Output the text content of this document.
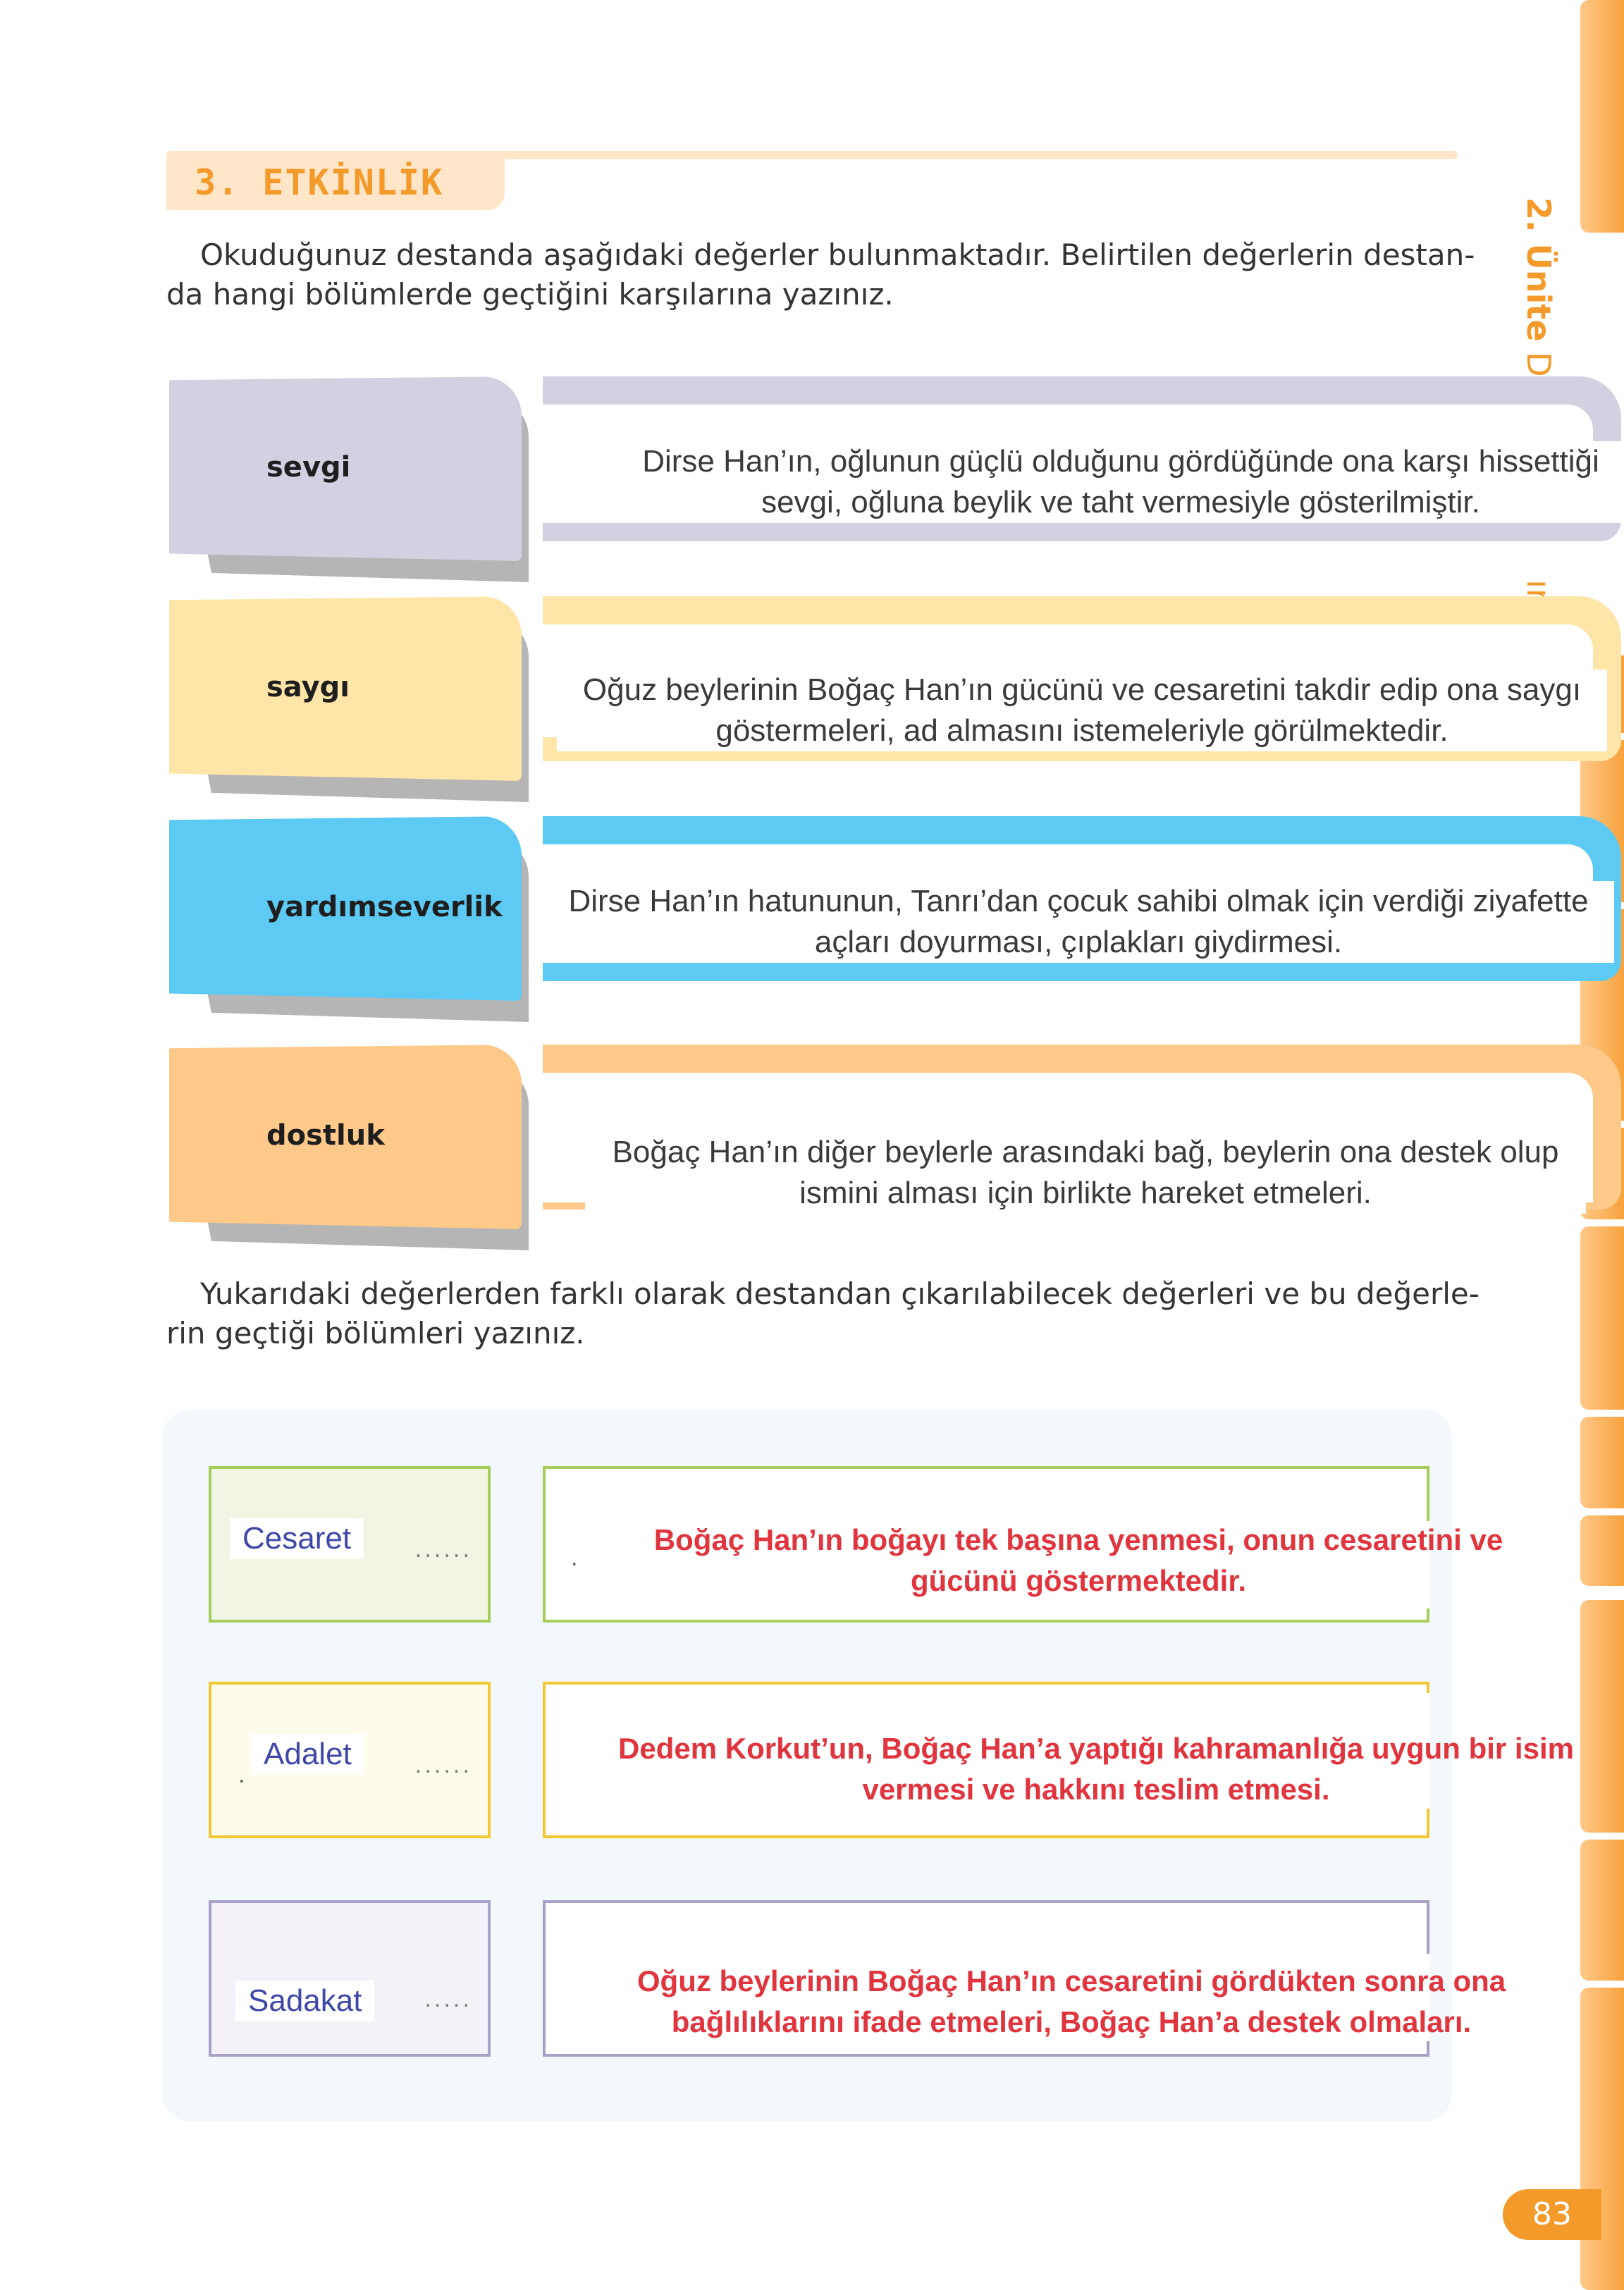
2. Ünite
3. ETKİNLİK
Okuduğunuz destanda aşağıdaki değerler bulunmaktadır. Belirtilen değerlerin destan-
da hangi bölümlerde geçtiğini karşılarına yazınız.
sevgi	Dirse Han’ın, oğlunun güçlü olduğunu gördüğünde ona karşı hissettiği
sevgi, oğluna beylik ve taht vermesiyle gösterilmiştir.
saygı	Oğuz beylerinin Boğaç Han’ın gücünü ve cesaretini takdir edip ona saygı
göstermeleri, ad almasını istemeleriyle görülmektedir.
yardımseverlik	Dirse Han’ın hatununun, Tanrı’dan çocuk sahibi olmak için verdiği ziyafette
açları doyurması, çıplakları giydirmesi.
dostluk	Boğaç Han’ın diğer beylerle arasındaki bağ, beylerin ona destek olup
ismini alması için birlikte hareket etmeleri.
Yukarıdaki değerlerden farklı olarak destandan çıkarılabilecek değerleri ve bu değerle-
rin geçtiği bölümleri yazınız.
Cesaret	......	.
Boğaç Han’ın boğayı tek başına yenmesi, onun cesaretini ve
gücünü göstermektedir.
.
Adalet	......
Dedem Korkut’un, Boğaç Han’a yaptığı kahramanlığa uygun bir isim
vermesi ve hakkını teslim etmesi.
Sadakat	.....
Oğuz beylerinin Boğaç Han’ın cesaretini gördükten sonra ona
bağlılıklarını ifade etmeleri, Boğaç Han’a destek olmaları.
83
